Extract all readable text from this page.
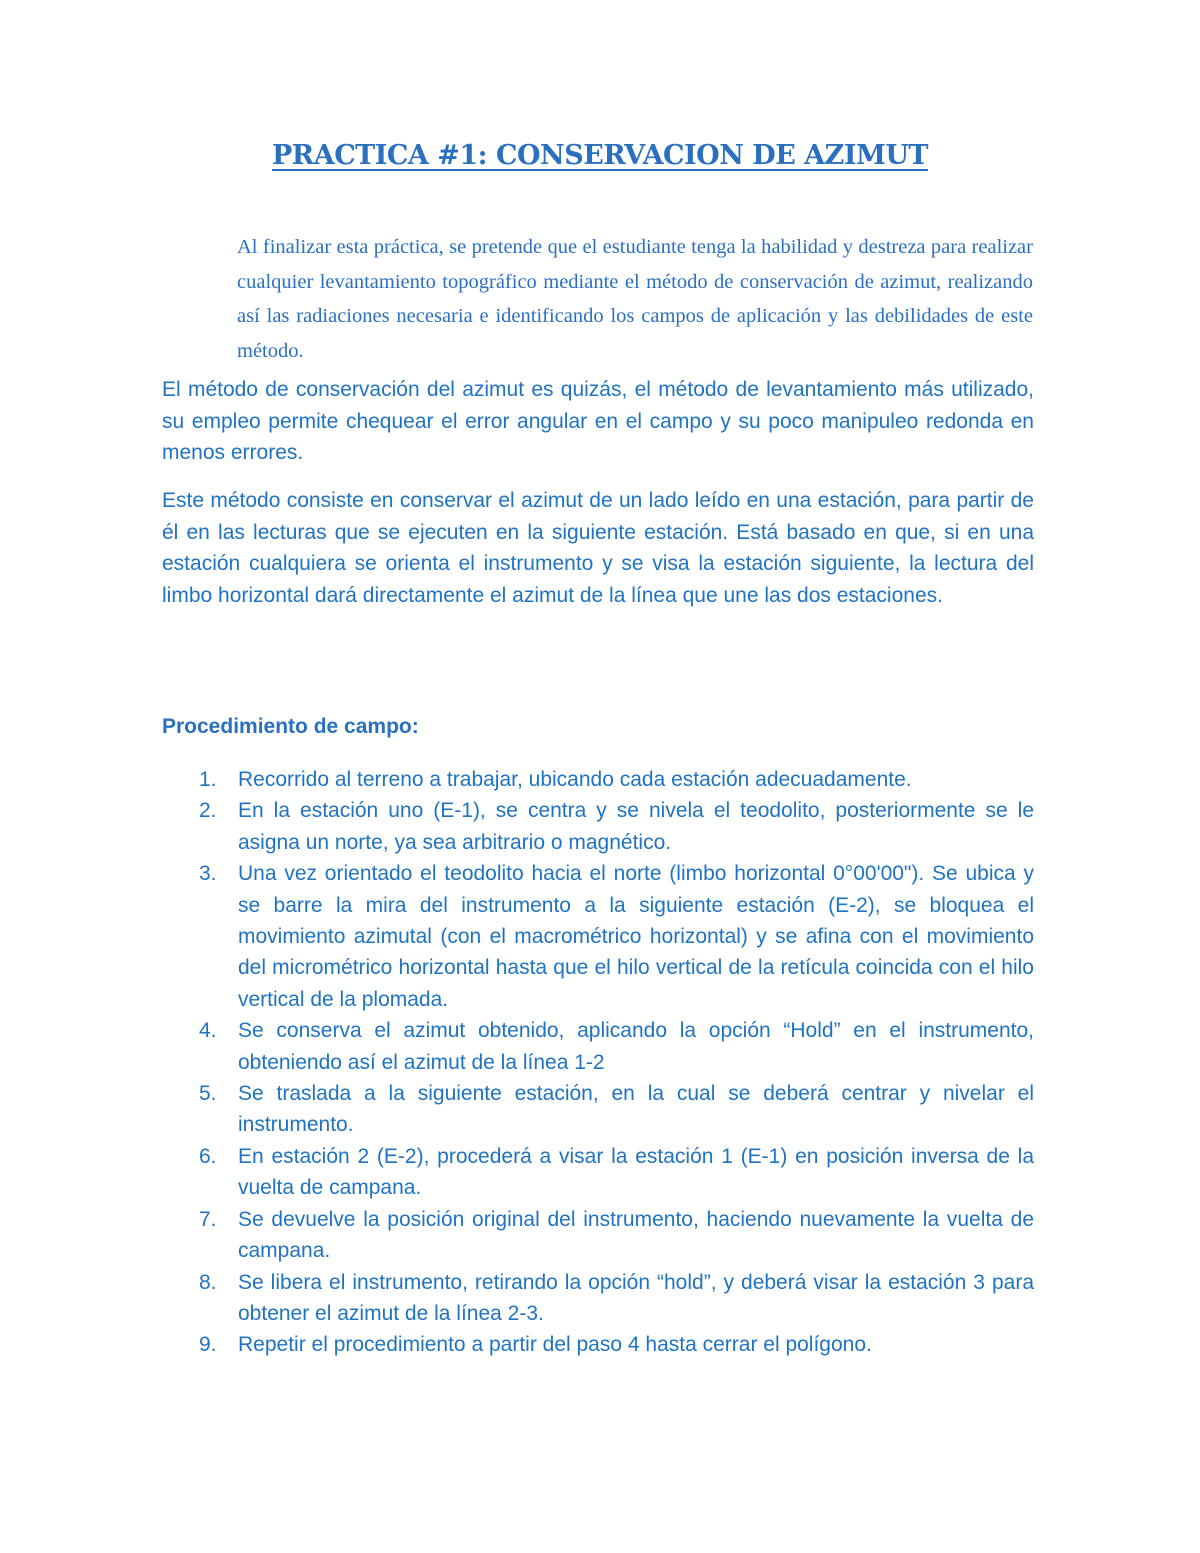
PRACTICA #1: CONSERVACION DE AZIMUT
Al finalizar esta práctica, se pretende que el estudiante tenga la habilidad y destreza para realizar cualquier levantamiento topográfico mediante el método de conservación de azimut, realizando así las radiaciones necesaria e identificando los campos de aplicación y las debilidades de este método.
El método de conservación del azimut es quizás, el método de levantamiento más utilizado, su empleo permite chequear el error angular en el campo y su poco manipuleo redonda en menos errores.
Este método consiste en conservar el azimut de un lado leído en una estación, para partir de él en las lecturas que se ejecuten en la siguiente estación. Está basado en que, si en una estación cualquiera se orienta el instrumento y se visa la estación siguiente, la lectura del limbo horizontal dará directamente el azimut de la línea que une las dos estaciones.
Procedimiento de campo:
1. Recorrido al terreno a trabajar, ubicando cada estación adecuadamente.
2. En la estación uno (E-1), se centra y se nivela el teodolito, posteriormente se le asigna un norte, ya sea arbitrario o magnético.
3. Una vez orientado el teodolito hacia el norte (limbo horizontal 0°00'00"). Se ubica y se barre la mira del instrumento a la siguiente estación (E-2), se bloquea el movimiento azimutal (con el macrométrico horizontal) y se afina con el movimiento del micrométrico horizontal hasta que el hilo vertical de la retícula coincida con el hilo vertical de la plomada.
4. Se conserva el azimut obtenido, aplicando la opción “Hold” en el instrumento, obteniendo así el azimut de la línea 1-2
5. Se traslada a la siguiente estación, en la cual se deberá centrar y nivelar el instrumento.
6. En estación 2 (E-2), procederá a visar la estación 1 (E-1) en posición inversa de la vuelta de campana.
7. Se devuelve la posición original del instrumento, haciendo nuevamente la vuelta de campana.
8. Se libera el instrumento, retirando la opción “hold”, y deberá visar la estación 3 para obtener el azimut de la línea 2-3.
9. Repetir el procedimiento a partir del paso 4 hasta cerrar el polígono.
